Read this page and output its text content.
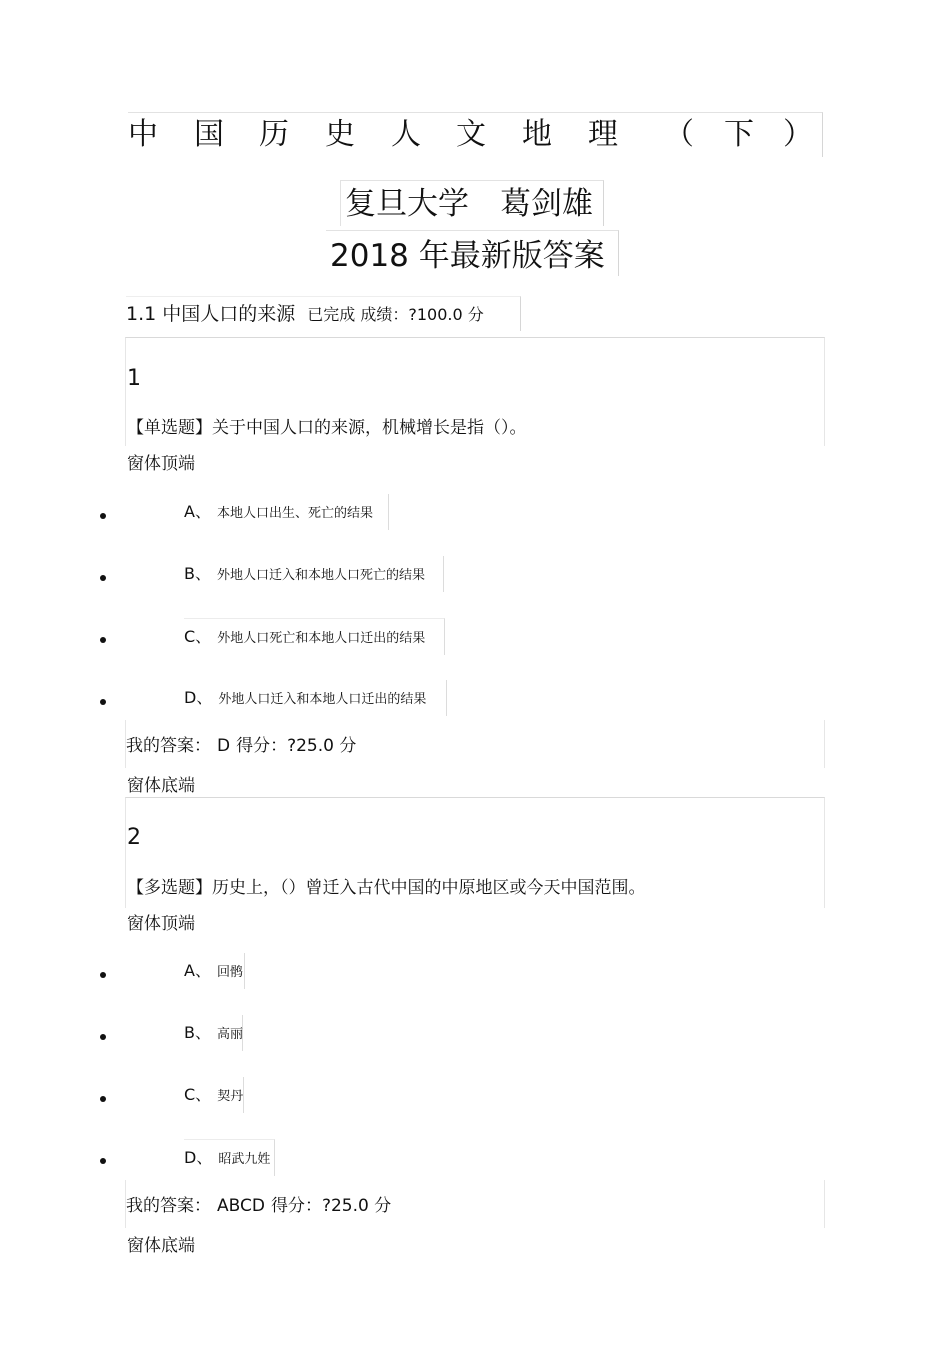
中 国 历 史 人 文 地 理 （ 下 ）
复旦大学　葛剑雄
2018 年最新版答案
1.1 中国人口的来源 已完成 成绩：?100.0 分
1
【单选题】关于中国人口的来源，机械增长是指（）。
窗体顶端
A、 本地人口出生、死亡的结果
B、 外地人口迁入和本地人口死亡的结果
C、 外地人口死亡和本地人口迁出的结果
D、 外地人口迁入和本地人口迁出的结果
我的答案： D 得分：?25.0 分
窗体底端
2
【多选题】历史上，（）曾迁入古代中国的中原地区或今天中国范围。
窗体顶端
A、 回鹘
B、 高丽
C、 契丹
D、 昭武九姓
我的答案： ABCD 得分：?25.0 分
窗体底端
